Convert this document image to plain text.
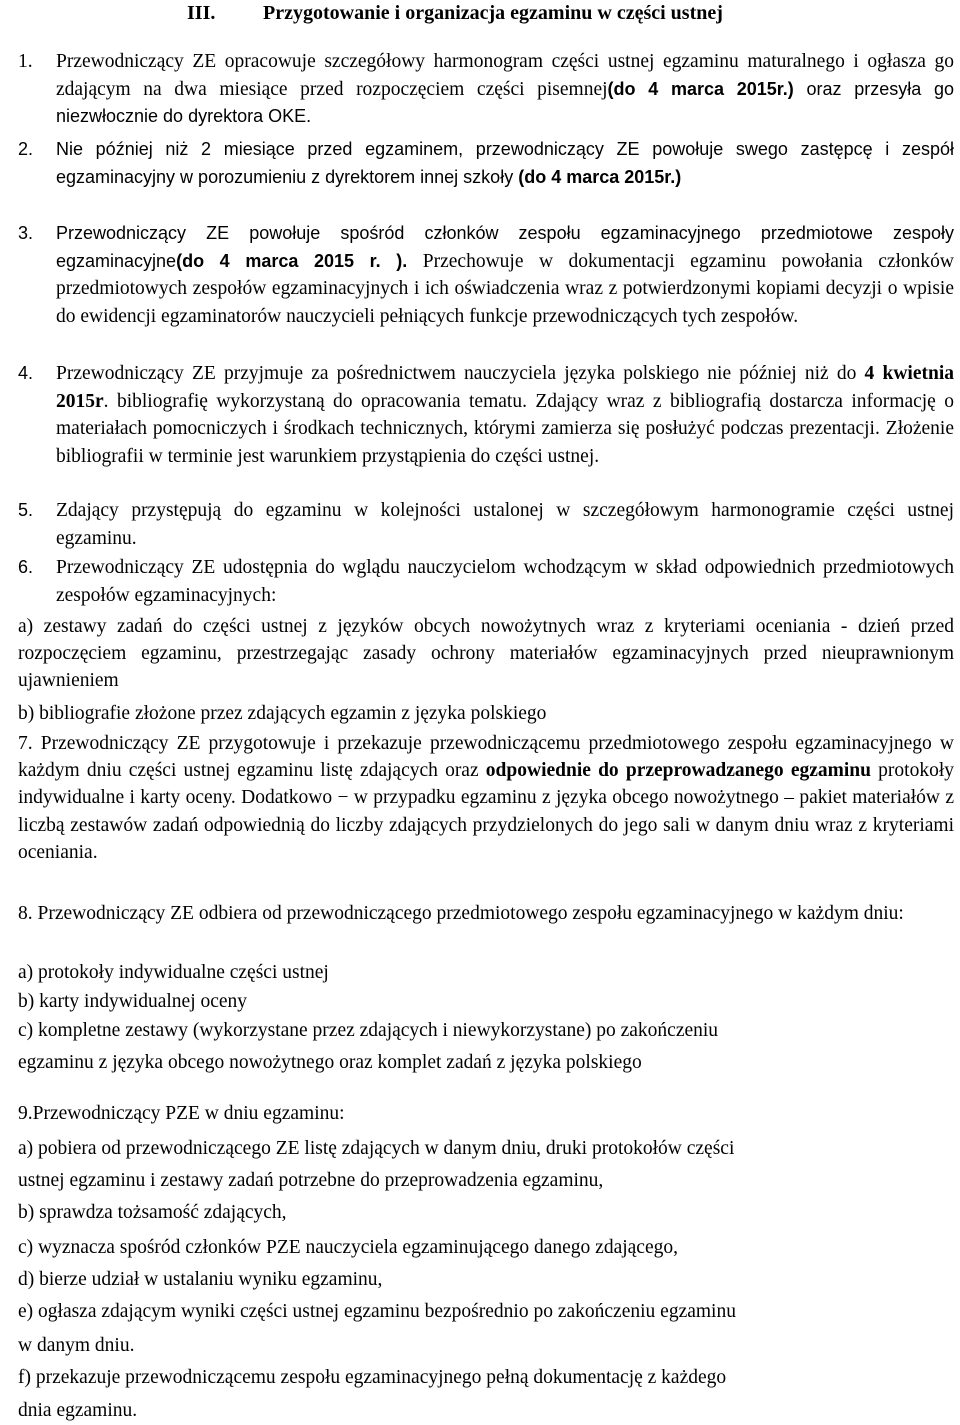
III. Przygotowanie i organizacja egzaminu w części ustnej
1. Przewodniczący ZE opracowuje szczegółowy harmonogram części ustnej egzaminu maturalnego i ogłasza go zdającym na dwa miesiące przed rozpoczęciem części pisemnej(do 4 marca 2015r.) oraz przesyła go niezwłocznie do dyrektora OKE.
2. Nie później niż 2 miesiące przed egzaminem, przewodniczący ZE powołuje swego zastępcę i zespół egzaminacyjny w porozumieniu z dyrektorem innej szkoły (do 4 marca 2015r.)
3. Przewodniczący ZE powołuje spośród członków zespołu egzaminacyjnego przedmiotowe zespoły egzaminacyjne(do 4 marca 2015 r. ). Przechowuje w dokumentacji egzaminu powołania członków przedmiotowych zespołów egzaminacyjnych i ich oświadczenia wraz z potwierdzonymi kopiami decyzji o wpisie do ewidencji egzaminatorów nauczycieli pełniących funkcje przewodniczących tych zespołów.
4. Przewodniczący ZE przyjmuje za pośrednictwem nauczyciela języka polskiego nie później niż do 4 kwietnia 2015r. bibliografię wykorzystaną do opracowania tematu. Zdający wraz z bibliografią dostarcza informację o materiałach pomocniczych i środkach technicznych, którymi zamierza się posłużyć podczas prezentacji. Złożenie bibliografii w terminie jest warunkiem przystąpienia do części ustnej.
5. Zdający przystępują do egzaminu w kolejności ustalonej w szczegółowym harmonogramie części ustnej egzaminu.
6. Przewodniczący ZE udostępnia do wglądu nauczycielom wchodzącym w skład odpowiednich przedmiotowych zespołów egzaminacyjnych:
a) zestawy zadań do części ustnej z języków obcych nowożytnych wraz z kryteriami oceniania - dzień przed rozpoczęciem egzaminu, przestrzegając zasady ochrony materiałów egzaminacyjnych przed nieuprawnionym ujawnieniem
b) bibliografie złożone przez zdających egzamin z języka polskiego
7. Przewodniczący ZE przygotowuje i przekazuje przewodniczącemu przedmiotowego zespołu egzaminacyjnego w każdym dniu części ustnej egzaminu listę zdających oraz odpowiednie do przeprowadzanego egzaminu protokoły indywidualne i karty oceny. Dodatkowo − w przypadku egzaminu z języka obcego nowożytnego – pakiet materiałów z liczbą zestawów zadań odpowiednią do liczby zdających przydzielonych do jego sali w danym dniu wraz z kryteriami oceniania.
8. Przewodniczący ZE odbiera od przewodniczącego przedmiotowego zespołu egzaminacyjnego w każdym dniu:
a) protokoły indywidualne części ustnej
b) karty indywidualnej oceny
c) kompletne zestawy (wykorzystane przez zdających i niewykorzystane) po zakończeniu
egzaminu z języka obcego nowożytnego oraz komplet zadań z języka polskiego
9.Przewodniczący PZE w dniu egzaminu:
a) pobiera od przewodniczącego ZE listę zdających w danym dniu, druki protokołów części
ustnej egzaminu i zestawy zadań potrzebne do przeprowadzenia egzaminu,
b) sprawdza tożsamość zdających,
c) wyznacza spośród członków PZE nauczyciela egzaminującego danego zdającego,
d) bierze udział w ustalaniu wyniku egzaminu,
e) ogłasza zdającym wyniki części ustnej egzaminu bezpośrednio po zakończeniu egzaminu
w danym dniu.
f) przekazuje przewodniczącemu zespołu egzaminacyjnego pełną dokumentację z każdego
dnia egzaminu.
